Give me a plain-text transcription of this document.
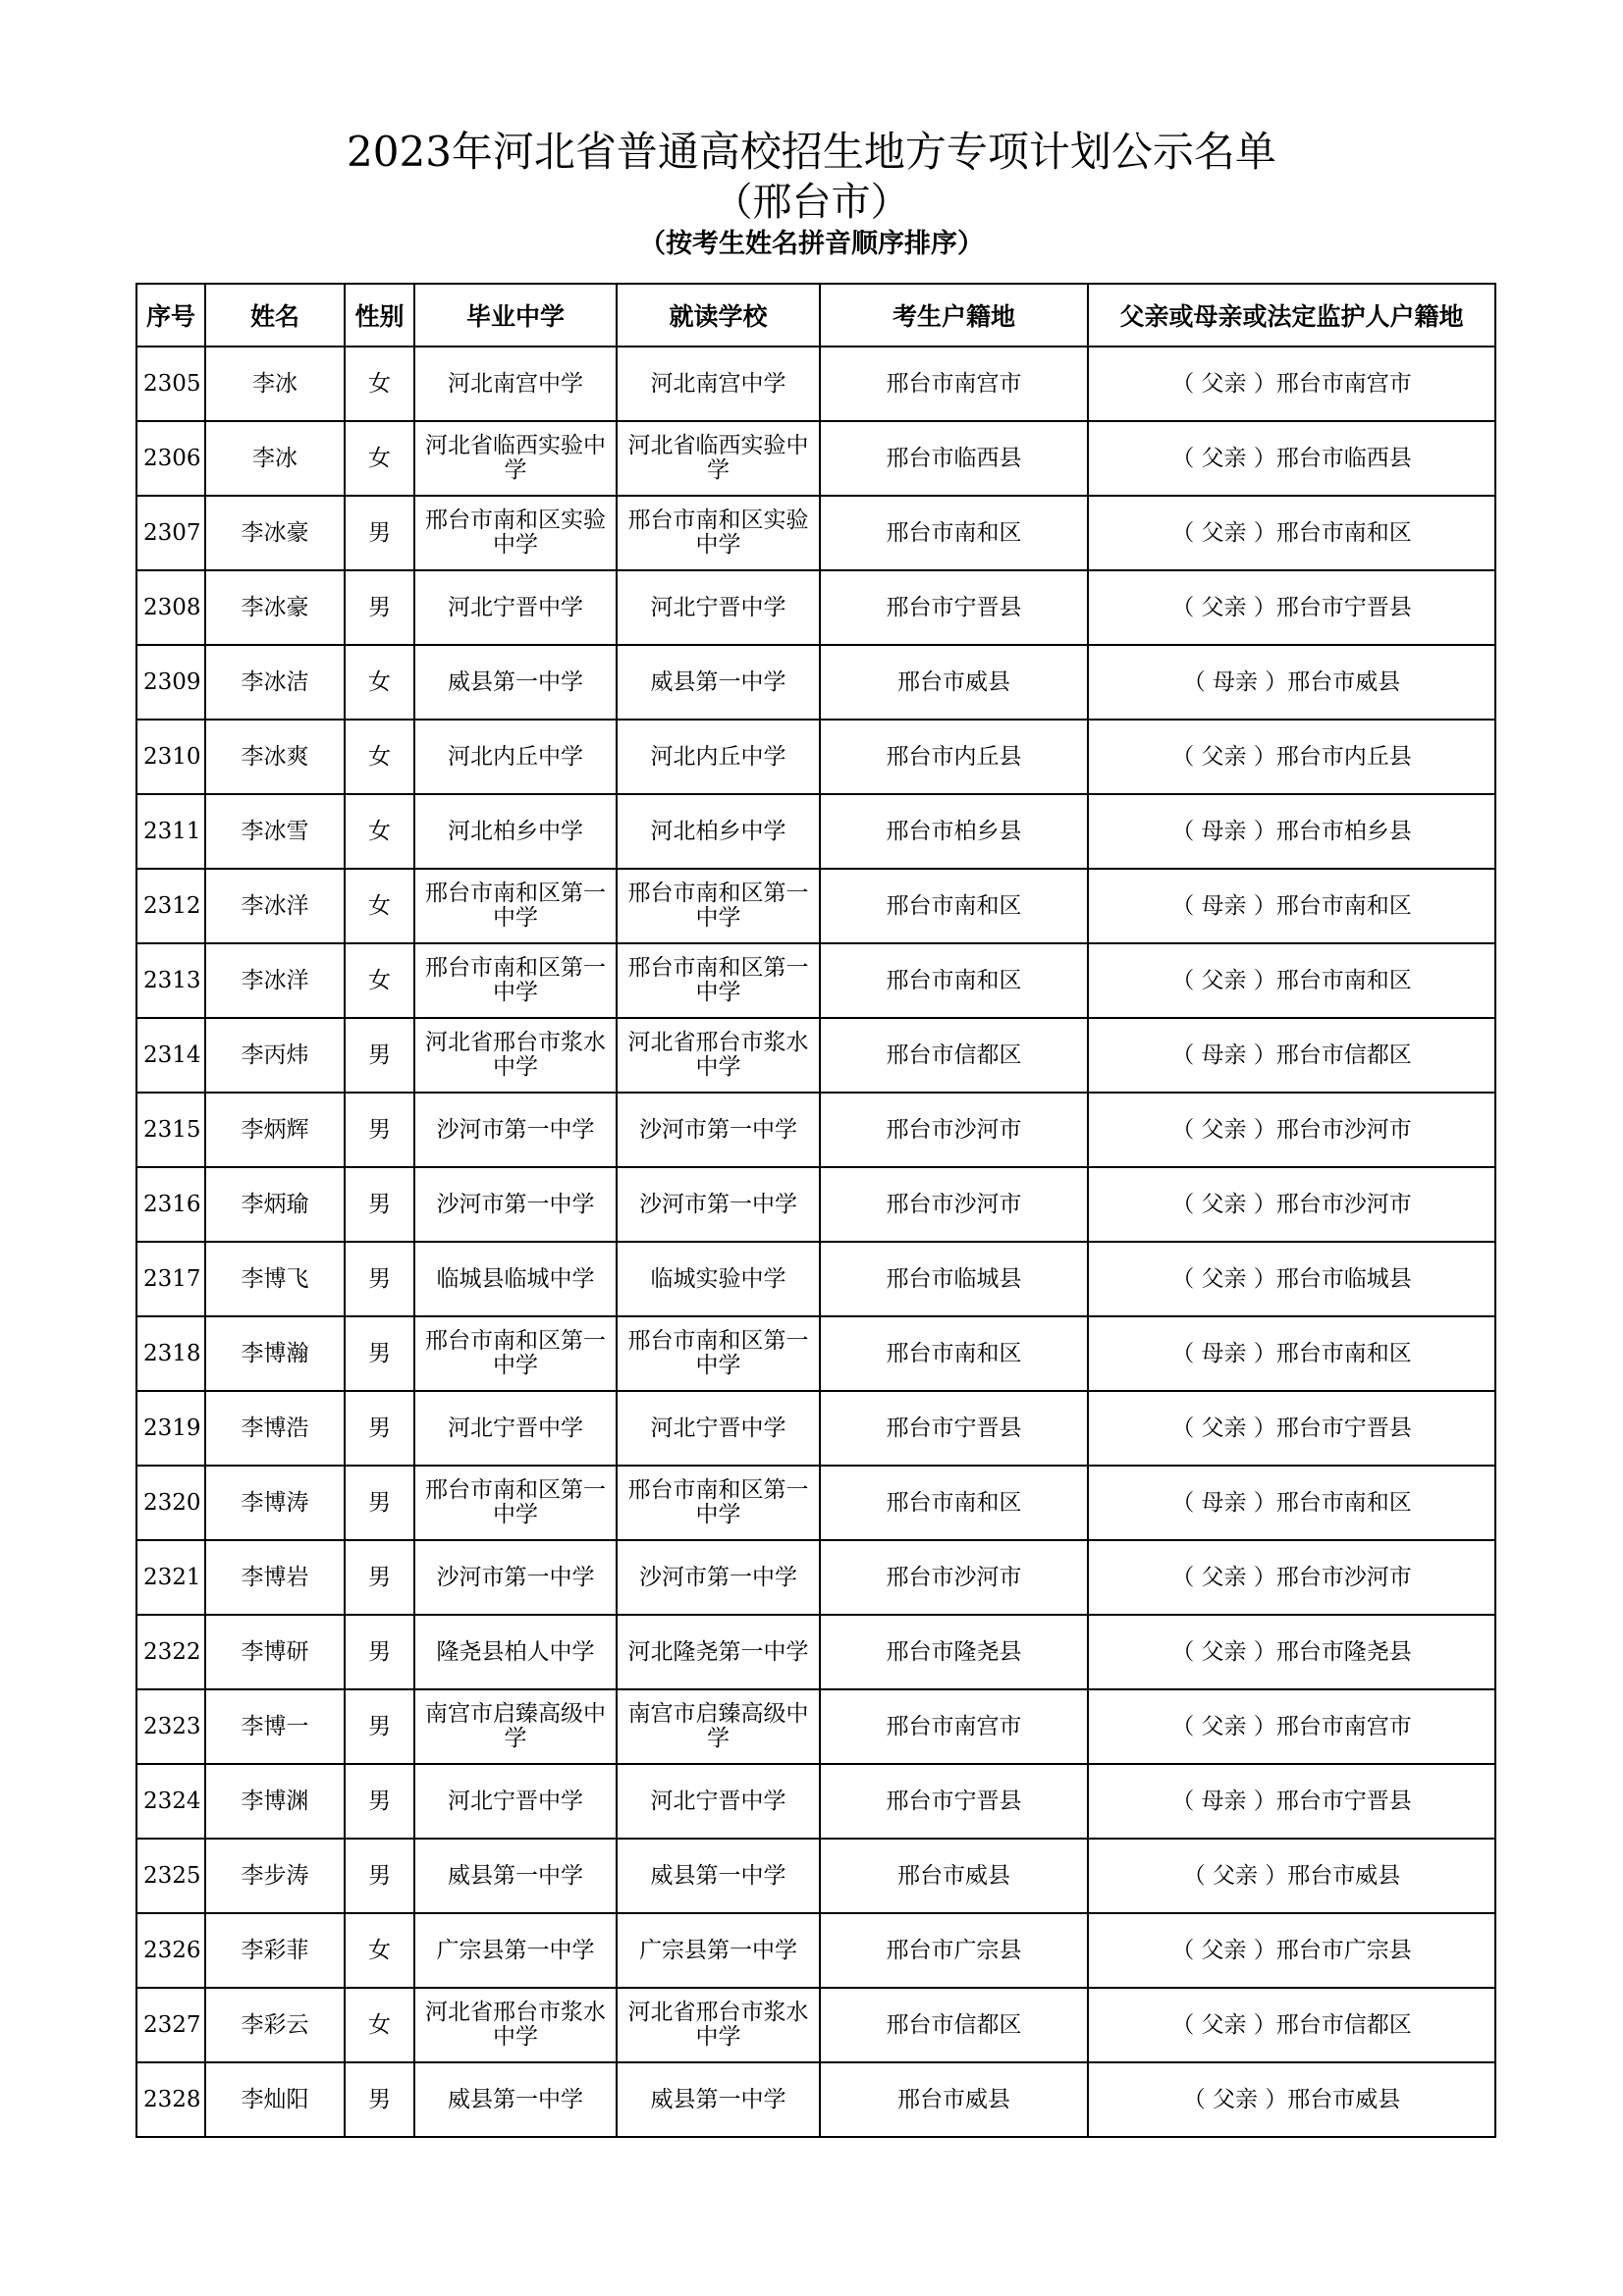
2023年河北省普通高校招生地方专项计划公示名单
（邢台市）
（按考生姓名拼音顺序排序）
序号	姓名	性别	毕业中学	就读学校	考生户籍地	父亲或母亲或法定监护人户籍地
2305	李冰	女	河北南宫中学	河北南宫中学	邢台市南宫市	（ 父亲 ）邢台市南宫市
2306	李冰	女	河北省临西实验中学	河北省临西实验中学	邢台市临西县	（ 父亲 ）邢台市临西县
2307	李冰豪	男	邢台市南和区实验中学	邢台市南和区实验中学	邢台市南和区	（ 父亲 ）邢台市南和区
2308	李冰豪	男	河北宁晋中学	河北宁晋中学	邢台市宁晋县	（ 父亲 ）邢台市宁晋县
2309	李冰洁	女	威县第一中学	威县第一中学	邢台市威县	（ 母亲 ）邢台市威县
2310	李冰爽	女	河北内丘中学	河北内丘中学	邢台市内丘县	（ 父亲 ）邢台市内丘县
2311	李冰雪	女	河北柏乡中学	河北柏乡中学	邢台市柏乡县	（ 母亲 ）邢台市柏乡县
2312	李冰洋	女	邢台市南和区第一中学	邢台市南和区第一中学	邢台市南和区	（ 母亲 ）邢台市南和区
2313	李冰洋	女	邢台市南和区第一中学	邢台市南和区第一中学	邢台市南和区	（ 父亲 ）邢台市南和区
2314	李丙炜	男	河北省邢台市浆水中学	河北省邢台市浆水中学	邢台市信都区	（ 母亲 ）邢台市信都区
2315	李炳辉	男	沙河市第一中学	沙河市第一中学	邢台市沙河市	（ 父亲 ）邢台市沙河市
2316	李炳瑜	男	沙河市第一中学	沙河市第一中学	邢台市沙河市	（ 父亲 ）邢台市沙河市
2317	李博飞	男	临城县临城中学	临城实验中学	邢台市临城县	（ 父亲 ）邢台市临城县
2318	李博瀚	男	邢台市南和区第一中学	邢台市南和区第一中学	邢台市南和区	（ 母亲 ）邢台市南和区
2319	李博浩	男	河北宁晋中学	河北宁晋中学	邢台市宁晋县	（ 父亲 ）邢台市宁晋县
2320	李博涛	男	邢台市南和区第一中学	邢台市南和区第一中学	邢台市南和区	（ 母亲 ）邢台市南和区
2321	李博岩	男	沙河市第一中学	沙河市第一中学	邢台市沙河市	（ 父亲 ）邢台市沙河市
2322	李博研	男	隆尧县柏人中学	河北隆尧第一中学	邢台市隆尧县	（ 父亲 ）邢台市隆尧县
2323	李博一	男	南宫市启臻高级中学	南宫市启臻高级中学	邢台市南宫市	（ 父亲 ）邢台市南宫市
2324	李博渊	男	河北宁晋中学	河北宁晋中学	邢台市宁晋县	（ 母亲 ）邢台市宁晋县
2325	李步涛	男	威县第一中学	威县第一中学	邢台市威县	（ 父亲 ）邢台市威县
2326	李彩菲	女	广宗县第一中学	广宗县第一中学	邢台市广宗县	（ 父亲 ）邢台市广宗县
2327	李彩云	女	河北省邢台市浆水中学	河北省邢台市浆水中学	邢台市信都区	（ 父亲 ）邢台市信都区
2328	李灿阳	男	威县第一中学	威县第一中学	邢台市威县	（ 父亲 ）邢台市威县
